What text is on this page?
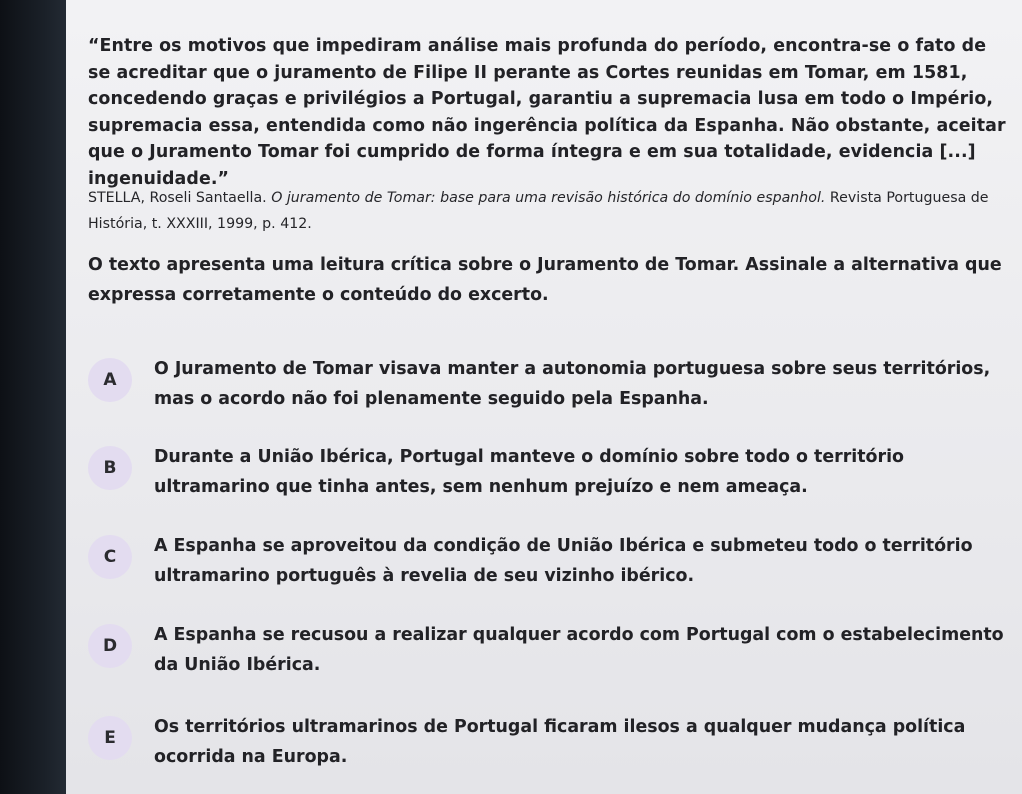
“Entre os motivos que impediram análise mais profunda do período, encontra-se o fato de se acreditar que o juramento de Filipe II perante as Cortes reunidas em Tomar, em 1581, concedendo graças e privilégios a Portugal, garantiu a supremacia lusa em todo o Império, supremacia essa, entendida como não ingerência política da Espanha. Não obstante, aceitar que o Juramento Tomar foi cumprido de forma íntegra e em sua totalidade, evidencia [...] ingenuidade.”

STELLA, Roseli Santaella. O juramento de Tomar: base para uma revisão histórica do domínio espanhol. Revista Portuguesa de História, t. XXXIII, 1999, p. 412.

O texto apresenta uma leitura crítica sobre o Juramento de Tomar. Assinale a alternativa que expressa corretamente o conteúdo do excerto.

A
O Juramento de Tomar visava manter a autonomia portuguesa sobre seus territórios, mas o acordo não foi plenamente seguido pela Espanha.
B
Durante a União Ibérica, Portugal manteve o domínio sobre todo o território ultramarino que tinha antes, sem nenhum prejuízo e nem ameaça.
C
A Espanha se aproveitou da condição de União Ibérica e submeteu todo o território ultramarino português à revelia de seu vizinho ibérico.
D
A Espanha se recusou a realizar qualquer acordo com Portugal com o estabelecimento da União Ibérica.
E
Os territórios ultramarinos de Portugal ficaram ilesos a qualquer mudança política ocorrida na Europa.
